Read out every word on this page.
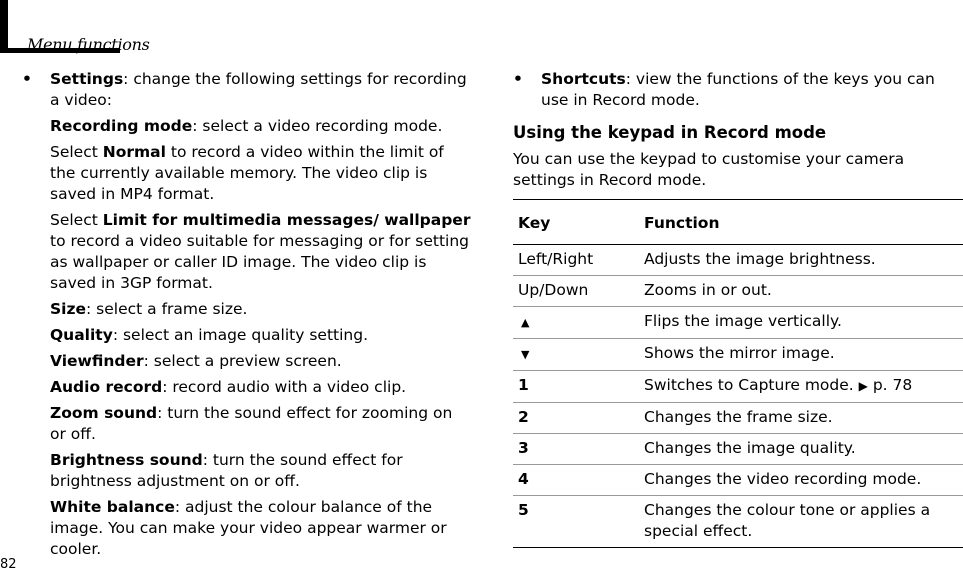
Menu functions
•	Settings: change the following settings for recording a video:
Recording mode: select a video recording mode.
Select Normal to record a video within the limit of the currently available memory. The video clip is saved in MP4 format.
Select Limit for multimedia messages/ wallpaper to record a video suitable for messaging or for setting as wallpaper or caller ID image. The video clip is saved in 3GP format.
Size: select a frame size.
Quality: select an image quality setting.
Viewfinder: select a preview screen.
Audio record: record audio with a video clip.
Zoom sound: turn the sound effect for zooming on or off.
Brightness sound: turn the sound effect for brightness adjustment on or off.
White balance: adjust the colour balance of the image. You can make your video appear warmer or cooler.
•	Shortcuts: view the functions of the keys you can use in Record mode.
Using the keypad in Record mode
You can use the keypad to customise your camera settings in Record mode.
Key	Function
Left/Right	Adjusts the image brightness.
Up/Down	Zooms in or out.
▲	Flips the image vertically.
▼	Shows the mirror image.
1	Switches to Capture mode. ▶ p. 78
2	Changes the frame size.
3	Changes the image quality.
4	Changes the video recording mode.
5	Changes the colour tone or applies a special effect.
82
